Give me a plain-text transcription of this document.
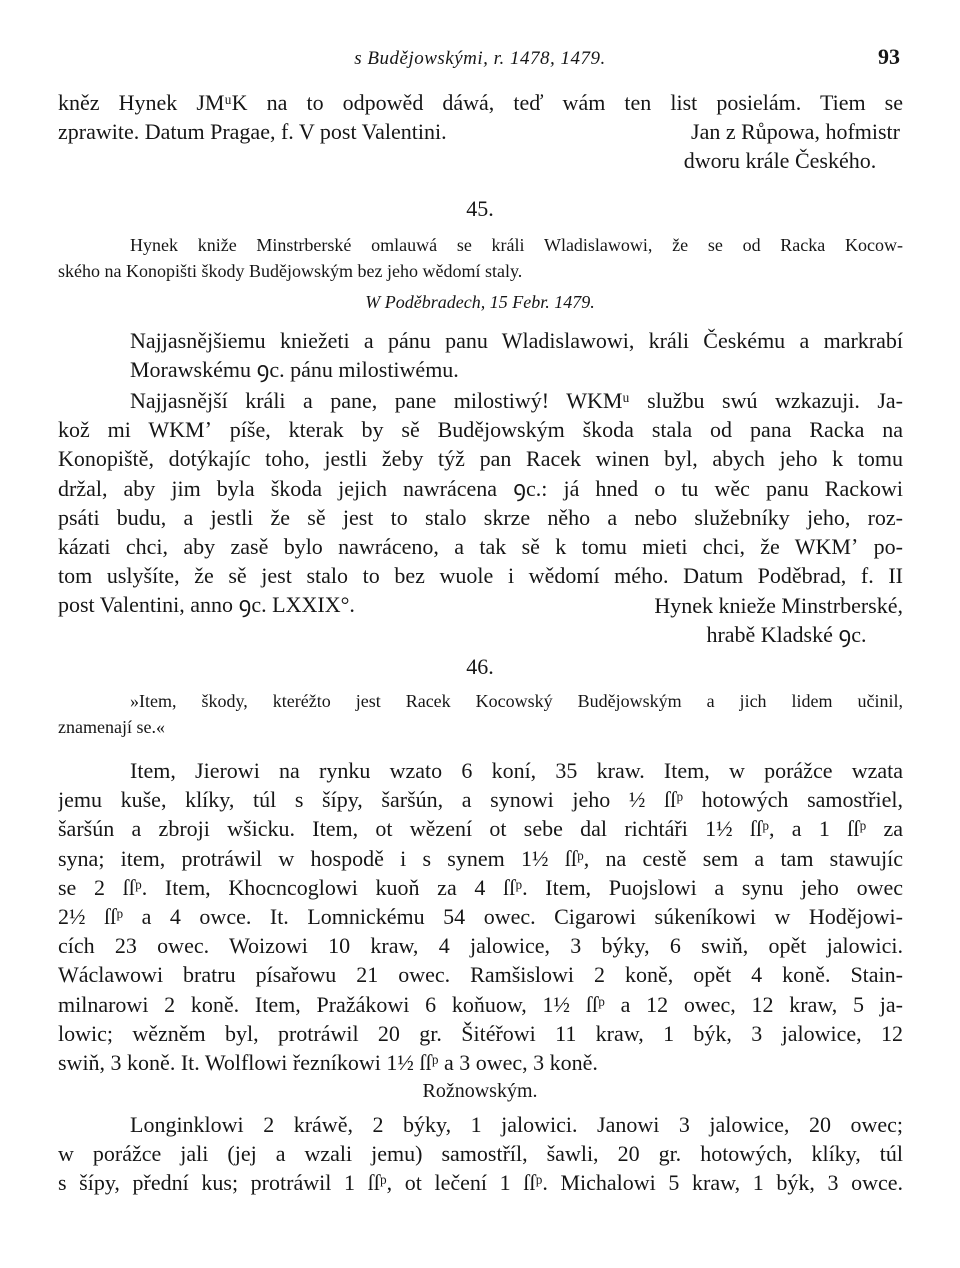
s Budějowskými, r. 1478, 1479.	93
kněz Hynek JMᵘK na to odpowěd dáwá, teď wám ten list posielám. Tiem se
zprawite. Datum Pragae, f. V post Valentini.	Jan z Růpowa, hofmistr
dworu krále Českého.
45.
Hynek kniže Minstrberské omlauwá se králi Wladislawowi, že se od Racka Kocow-
ského na Konopišti škody Budějowským bez jeho wědomí staly.
W Poděbradech, 15 Febr. 1479.
Najjasnějšiemu kniežeti a pánu panu Wladislawowi, králi Českému a markrabí
Morawskému ꝯc. pánu milostiwému.
Najjasnější králi a pane, pane milostiwý! WKMᵘ službu swú wzkazuji. Ja-
kož mi WKMʼ píše, kterak by sě Budějowským škoda stala od pana Racka na
Konopiště, dotýkajíc toho, jestli žeby týž pan Racek winen byl, abych jeho k tomu
držal, aby jim byla škoda jejich nawrácena ꝯc.: já hned o tu wěc panu Rackowi
psáti budu, a jestli že sě jest to stalo skrze něho a nebo služebníky jeho, roz-
kázati chci, aby zasě bylo nawráceno, a tak sě k tomu mieti chci, že WKMʼ po-
tom uslyšíte, že sě jest stalo to bez wuole i wědomí mého. Datum Poděbrad, f. II
post Valentini, anno ꝯc. LXXIX°.	Hynek knieže Minstrberské,
hrabě Kladské ꝯc.
46.
»Item, škody, kteréžto jest Racek Kocowský Budějowským a jich lidem učinil,
znamenají se.«
Item, Jierowi na rynku wzato 6 koní, 35 kraw. Item, w porážce wzata
jemu kuše, klíky, túl s šípy, šaršún, a synowi jeho ½ ſſᵖ hotowých samostřiel,
šaršún a zbroji wšicku. Item, ot wězení ot sebe dal richtáři 1½ ſſᵖ, a 1 ſſᵖ za
syna; item, protráwil w hospodě i s synem 1½ ſſᵖ, na cestě sem a tam stawujíc
se 2 ſſᵖ. Item, Khocncoglowi kuoň za 4 ſſᵖ. Item, Puojslowi a synu jeho owec
2½ ſſᵖ a 4 owce. It. Lomnickému 54 owec. Cigarowi súkeníkowi w Hodějowi-
cích 23 owec. Woizowi 10 kraw, 4 jalowice, 3 býky, 6 swiň, opět jalowici.
Wáclawowi bratru písařowu 21 owec. Ramšislowi 2 koně, opět 4 koně. Stain-
milnarowi 2 koně. Item, Pražákowi 6 koňuow, 1½ ſſᵖ a 12 owec, 12 kraw, 5 ja-
lowic; wězněm byl, protráwil 20 gr. Šitéřowi 11 kraw, 1 býk, 3 jalowice, 12
swiň, 3 koně. It. Wolflowi řezníkowi 1½ ſſᵖ a 3 owec, 3 koně.
Rožnowským.
Longinklowi 2 kráwě, 2 býky, 1 jalowici. Janowi 3 jalowice, 20 owec;
w porážce jali (jej a wzali jemu) samostříl, šawli, 20 gr. hotowých, klíky, túl
s šípy, přední kus; protráwil 1 ſſᵖ, ot lečení 1 ſſᵖ. Michalowi 5 kraw, 1 býk, 3 owce.
